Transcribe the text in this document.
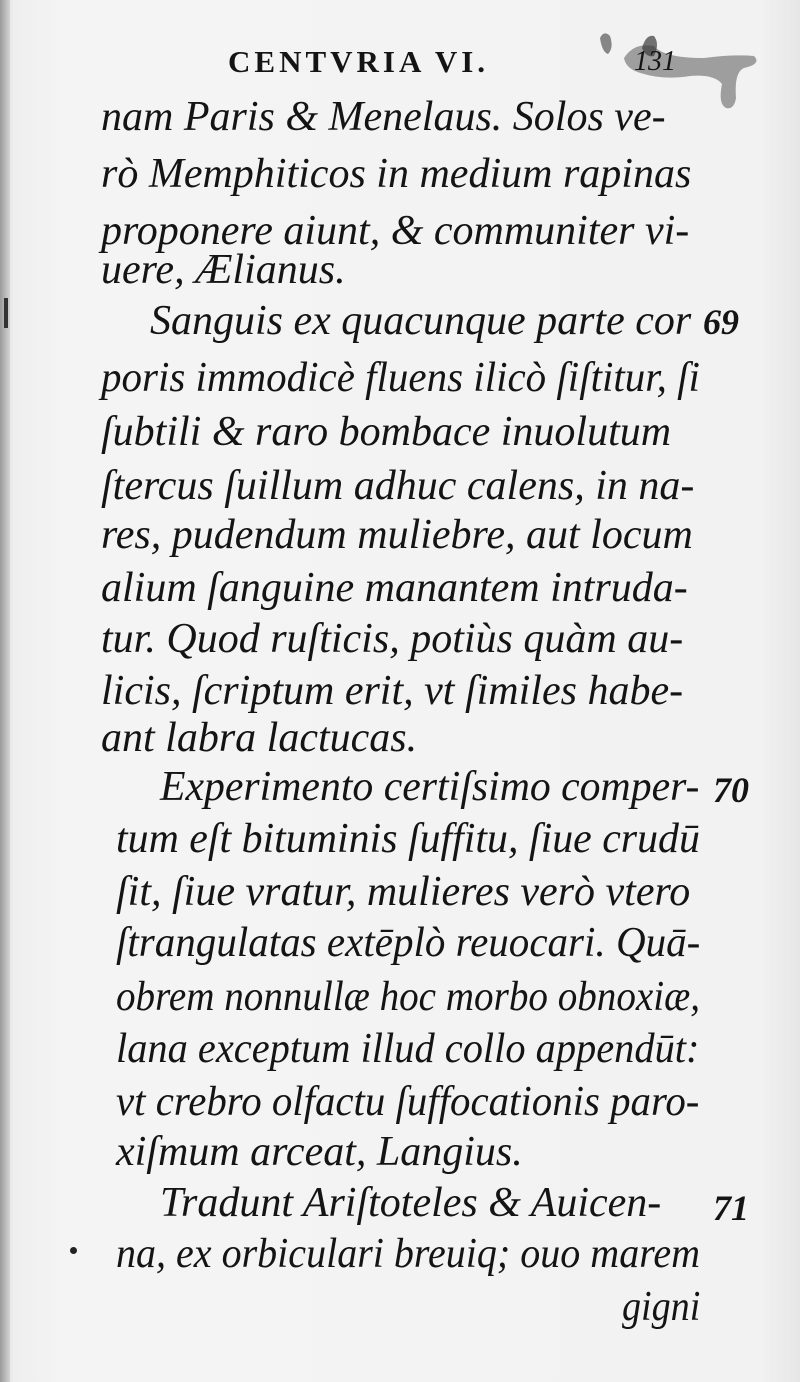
CENTVRIA VI.	131
nam Paris & Menelaus. Solos ve-
rò Memphiticos in medium rapinas
proponere aiunt, & communiter vi-
uere, Ælianus.
Sanguis ex quacunque parte cor 69
poris immodicè fluens ilicò ſiſtitur, ſi
ſubtili & raro bombace inuolutum
ſtercus ſuillum adhuc calens, in na-
res, pudendum muliebre, aut locum
alium ſanguine manantem intruda-
tur. Quod ruſticis, potiùs quàm au-
licis, ſcriptum erit, vt ſimiles habe-
ant labra lactucas.
Experimento certiſsimo comper- 70
tum eſt bituminis ſuffitu, ſiue crudū
ſit, ſiue vratur, mulieres verò vtero
ſtrangulatas extēplò reuocari. Quā-
obrem nonnullæ hoc morbo obnoxiæ,
lana exceptum illud collo appendūt:
vt crebro olfactu ſuffocationis paro-
xiſmum arceat, Langius.
Tradunt Ariſtoteles & Auicen- 71
na, ex orbiculari breuiq; ouo marem
gigni
